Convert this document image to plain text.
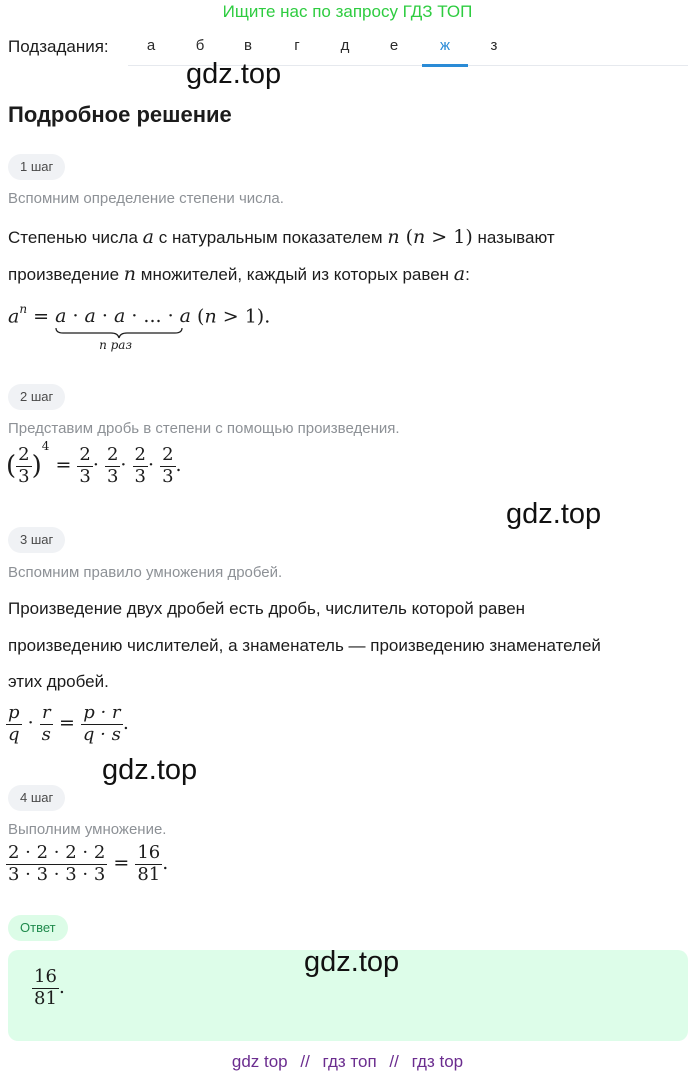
Ищите нас по запросу ГДЗ ТОП
Подзадания:	а	б	в	г	д	е	ж	з
gdz.top
Подробное решение
1 шаг
Вспомним определение степени числа.
Степенью числа a с натуральным показателем n (n > 1) называют
произведение n множителей, каждый из которых равен a:
$a^n = a \cdot a \cdot a$ · ... · a
n раз
(n > 1).
2 шаг
Представим дробь в степени с помощью произведения.
( $\frac{2}{3} )^4 = \frac{2}{3} \cdot \frac{2}{3} \cdot \frac{2}{3} \cdot \frac{2}{3}$ .
gdz.top
3 шаг
Вспомним правило умножения дробей.
Произведение двух дробей есть дробь, числитель которой равен
произведению числителей, а знаменатель — произведению знаменателей
этих дробей.
$\frac{p}{q} \cdot \frac{r}{s} = \frac{p \cdot r}{q \cdot s}$ .
gdz.top
4 шаг
Выполним умножение.
$\frac{2 \cdot 2 \cdot 2 \cdot 2}{3 \cdot 3 \cdot 3 \cdot 3} = \frac{16}{81}$ .
Ответ
$\frac{16}{81}$ .
gdz.top
gdz top // гдз топ // гдз top
